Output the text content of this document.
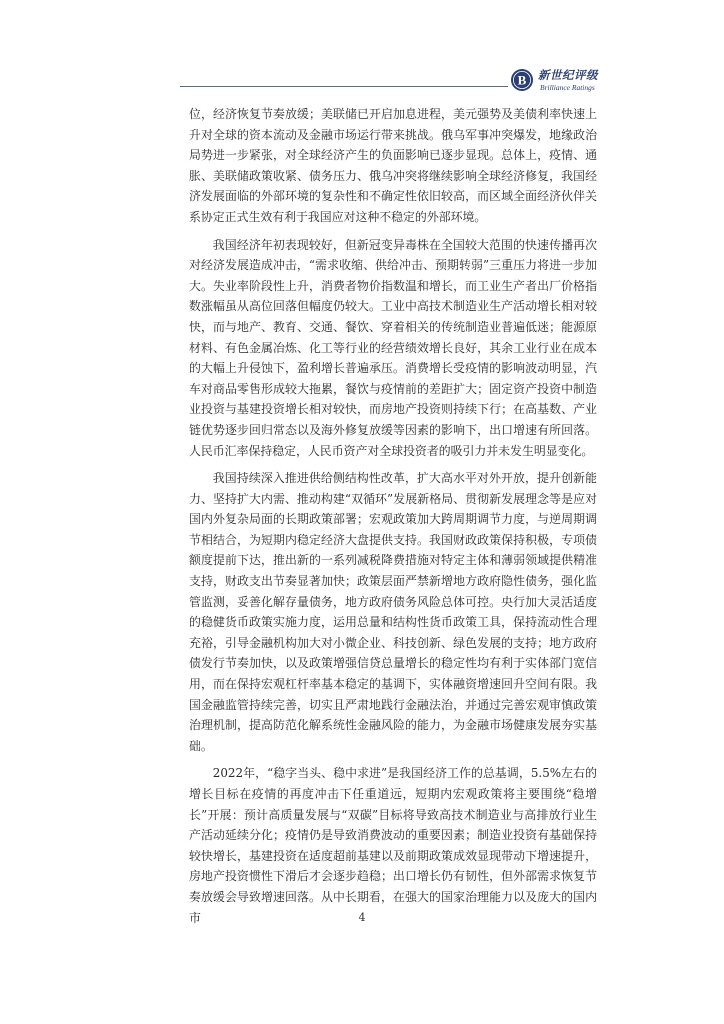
B 新世纪评级
Brilliance Ratings

位，经济恢复节奏放缓；美联储已开启加息进程，美元强势及美债利率快速上升对全球的资本流动及金融市场运行带来挑战。俄乌军事冲突爆发，地缘政治局势进一步紧张，对全球经济产生的负面影响已逐步显现。总体上，疫情、通胀、美联储政策收紧、债务压力、俄乌冲突将继续影响全球经济修复，我国经济发展面临的外部环境的复杂性和不确定性依旧较高，而区域全面经济伙伴关系协定正式生效有利于我国应对这种不稳定的外部环境。

我国经济年初表现较好，但新冠变异毒株在全国较大范围的快速传播再次对经济发展造成冲击，“需求收缩、供给冲击、预期转弱”三重压力将进一步加大。失业率阶段性上升，消费者物价指数温和增长，而工业生产者出厂价格指数涨幅虽从高位回落但幅度仍较大。工业中高技术制造业生产活动增长相对较快，而与地产、教育、交通、餐饮、穿着相关的传统制造业普遍低迷；能源原材料、有色金属冶炼、化工等行业的经营绩效增长良好，其余工业行业在成本的大幅上升侵蚀下，盈利增长普遍承压。消费增长受疫情的影响波动明显，汽车对商品零售形成较大拖累，餐饮与疫情前的差距扩大；固定资产投资中制造业投资与基建投资增长相对较快，而房地产投资则持续下行；在高基数、产业链优势逐步回归常态以及海外修复放缓等因素的影响下，出口增速有所回落。人民币汇率保持稳定，人民币资产对全球投资者的吸引力并未发生明显变化。

我国持续深入推进供给侧结构性改革，扩大高水平对外开放，提升创新能力、坚持扩大内需、推动构建“双循环”发展新格局、贯彻新发展理念等是应对国内外复杂局面的长期政策部署；宏观政策加大跨周期调节力度，与逆周期调节相结合，为短期内稳定经济大盘提供支持。我国财政政策保持积极，专项债额度提前下达，推出新的一系列减税降费措施对特定主体和薄弱领域提供精准支持，财政支出节奏显著加快；政策层面严禁新增地方政府隐性债务，强化监管监测，妥善化解存量债务，地方政府债务风险总体可控。央行加大灵活适度的稳健货币政策实施力度，运用总量和结构性货币政策工具，保持流动性合理充裕，引导金融机构加大对小微企业、科技创新、绿色发展的支持；地方政府债发行节奏加快，以及政策增强信贷总量增长的稳定性均有利于实体部门宽信用，而在保持宏观杠杆率基本稳定的基调下，实体融资增速回升空间有限。我国金融监管持续完善，切实且严肃地践行金融法治，并通过完善宏观审慎政策治理机制，提高防范化解系统性金融风险的能力，为金融市场健康发展夯实基础。

2022年，“稳字当头、稳中求进”是我国经济工作的总基调，5.5%左右的增长目标在疫情的再度冲击下任重道远，短期内宏观政策将主要围绕“稳增长”开展：预计高质量发展与“双碳”目标将导致高技术制造业与高排放行业生产活动延续分化；疫情仍是导致消费波动的重要因素；制造业投资有基础保持较快增长，基建投资在适度超前基建以及前期政策成效显现带动下增速提升，房地产投资惯性下滑后才会逐步趋稳；出口增长仍有韧性，但外部需求恢复节奏放缓会导致增速回落。从中长期看，在强大的国家治理能力以及庞大的国内市	4
